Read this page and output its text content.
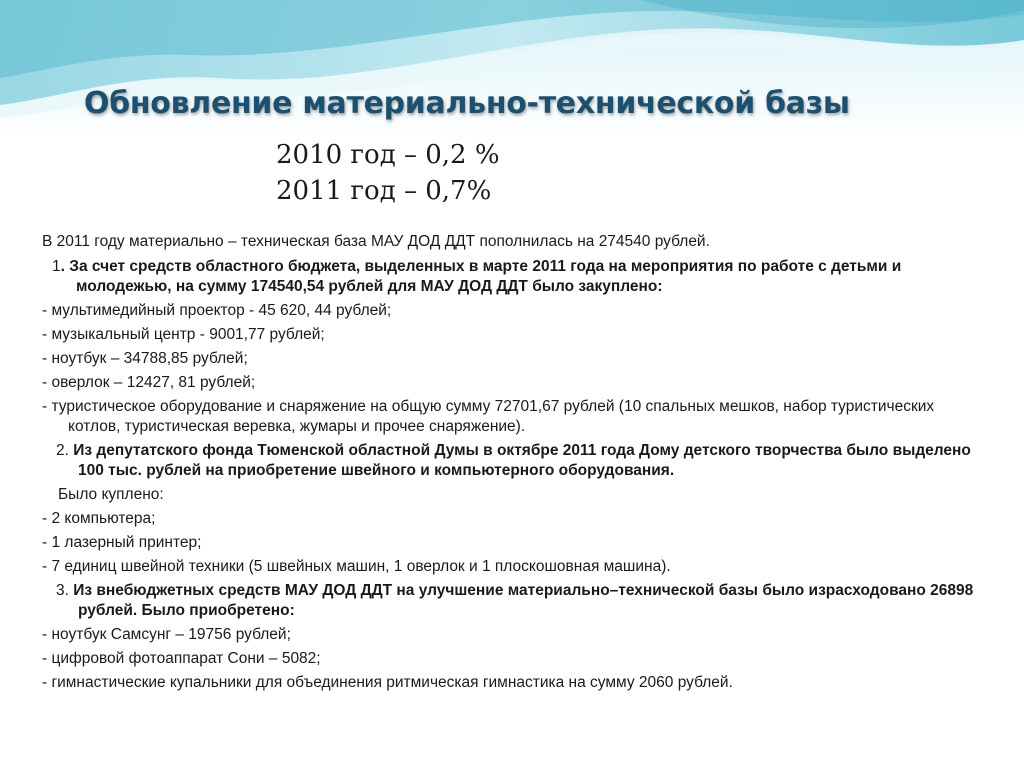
Обновление материально-технической базы
2010 год – 0,2 %
2011 год – 0,7%
В 2011 году материально – техническая база МАУ ДОД ДДТ пополнилась на 274540 рублей.
1. За счет средств областного бюджета, выделенных в марте 2011 года на мероприятия по работе с детьми и молодежью, на сумму 174540,54 рублей для МАУ ДОД ДДТ было закуплено:
- мультимедийный проектор - 45 620, 44 рублей;
- музыкальный центр - 9001,77 рублей;
- ноутбук – 34788,85 рублей;
- оверлок – 12427, 81 рублей;
- туристическое оборудование и снаряжение на общую сумму 72701,67 рублей (10 спальных мешков, набор туристических котлов, туристическая веревка, жумары и прочее снаряжение).
2. Из депутатского фонда Тюменской областной Думы в октябре 2011 года Дому детского творчества было выделено 100 тыс. рублей на приобретение швейного и компьютерного оборудования.
Было куплено:
- 2 компьютера;
- 1 лазерный принтер;
- 7 единиц швейной техники (5 швейных машин, 1 оверлок и 1 плоскошовная машина).
3. Из внебюджетных средств МАУ ДОД ДДТ на улучшение материально–технической базы было израсходовано 26898 рублей. Было приобретено:
- ноутбук Самсунг – 19756 рублей;
- цифровой фотоаппарат Сони – 5082;
- гимнастические купальники для объединения ритмическая гимнастика на сумму 2060 рублей.
